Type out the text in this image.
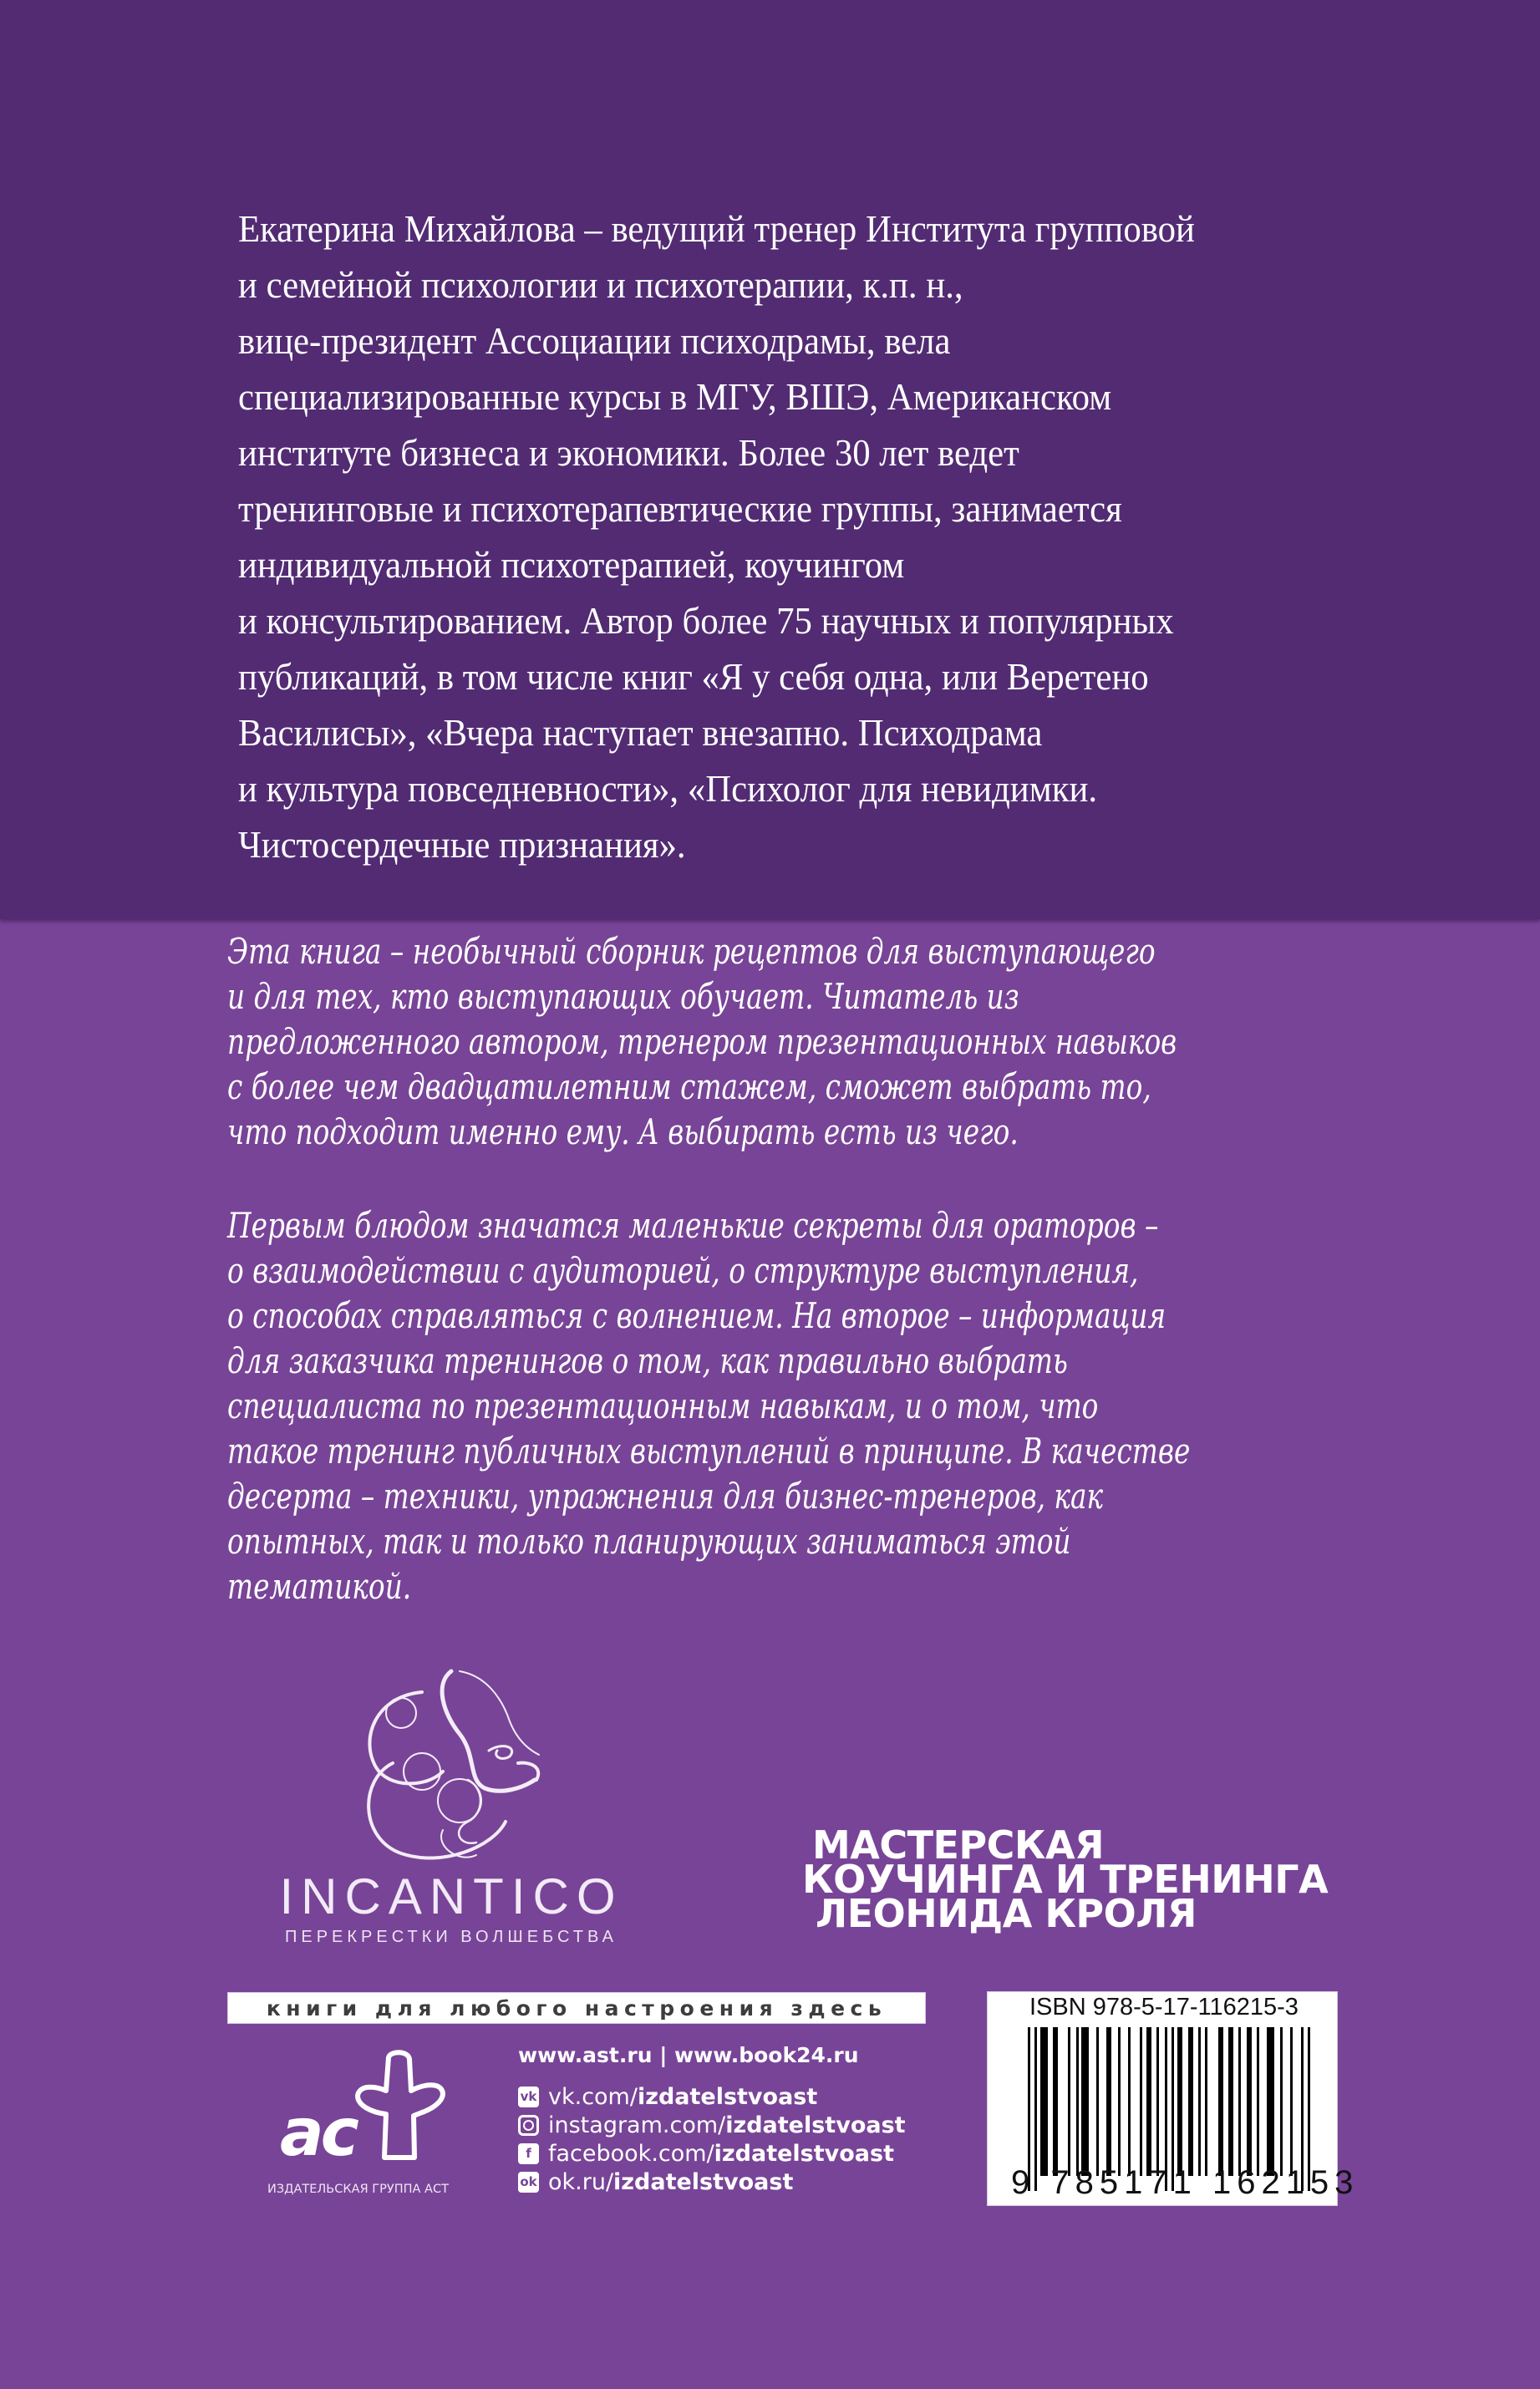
Екатерина Михайлова – ведущий тренер Института групповой
и семейной психологии и психотерапии, к.п. н.,
вице-президент Ассоциации психодрамы, вела
специализированные курсы в МГУ, ВШЭ, Американском
институте бизнеса и экономики. Более 30 лет ведет
тренинговые и психотерапевтические группы, занимается
индивидуальной психотерапией, коучингом
и консультированием. Автор более 75 научных и популярных
публикаций, в том числе книг «Я у себя одна, или Веретено
Василисы», «Вчера наступает внезапно. Психодрама
и культура повседневности», «Психолог для невидимки.
Чистосердечные признания».
Эта книга – необычный сборник рецептов для выступающего
и для тех, кто выступающих обучает. Читатель из
предложенного автором, тренером презентационных навыков
с более чем двадцатилетним стажем, сможет выбрать то,
что подходит именно ему. А выбирать есть из чего.
Первым блюдом значатся маленькие секреты для ораторов –
о взаимодействии с аудиторией, о структуре выступления,
о способах справляться с волнением. На второе – информация
для заказчика тренингов о том, как правильно выбрать
специалиста по презентационным навыкам, и о том, что
такое тренинг публичных выступлений в принципе. В качестве
десерта – техники, упражнения для бизнес-тренеров, как
опытных, так и только планирующих заниматься этой
тематикой.
INCANTICO
ПЕРЕКРЕСТКИ ВОЛШЕБСТВА
МАСТЕРСКАЯ
КОУЧИНГА И ТРЕНИНГА
ЛЕОНИДА КРОЛЯ
книги для любого настроения здесь
ас
ИЗДАТЕЛЬСКАЯ ГРУППА АСТ
www.ast.ru | www.book24.ru
vk vk.com/ izdatelstvoast
instagram.com/ izdatelstvoast
f facebook.com/ izdatelstvoast
ok ok.ru/ izdatelstvoast
ISBN 978-5-17-116215-3
9 785171 162153
